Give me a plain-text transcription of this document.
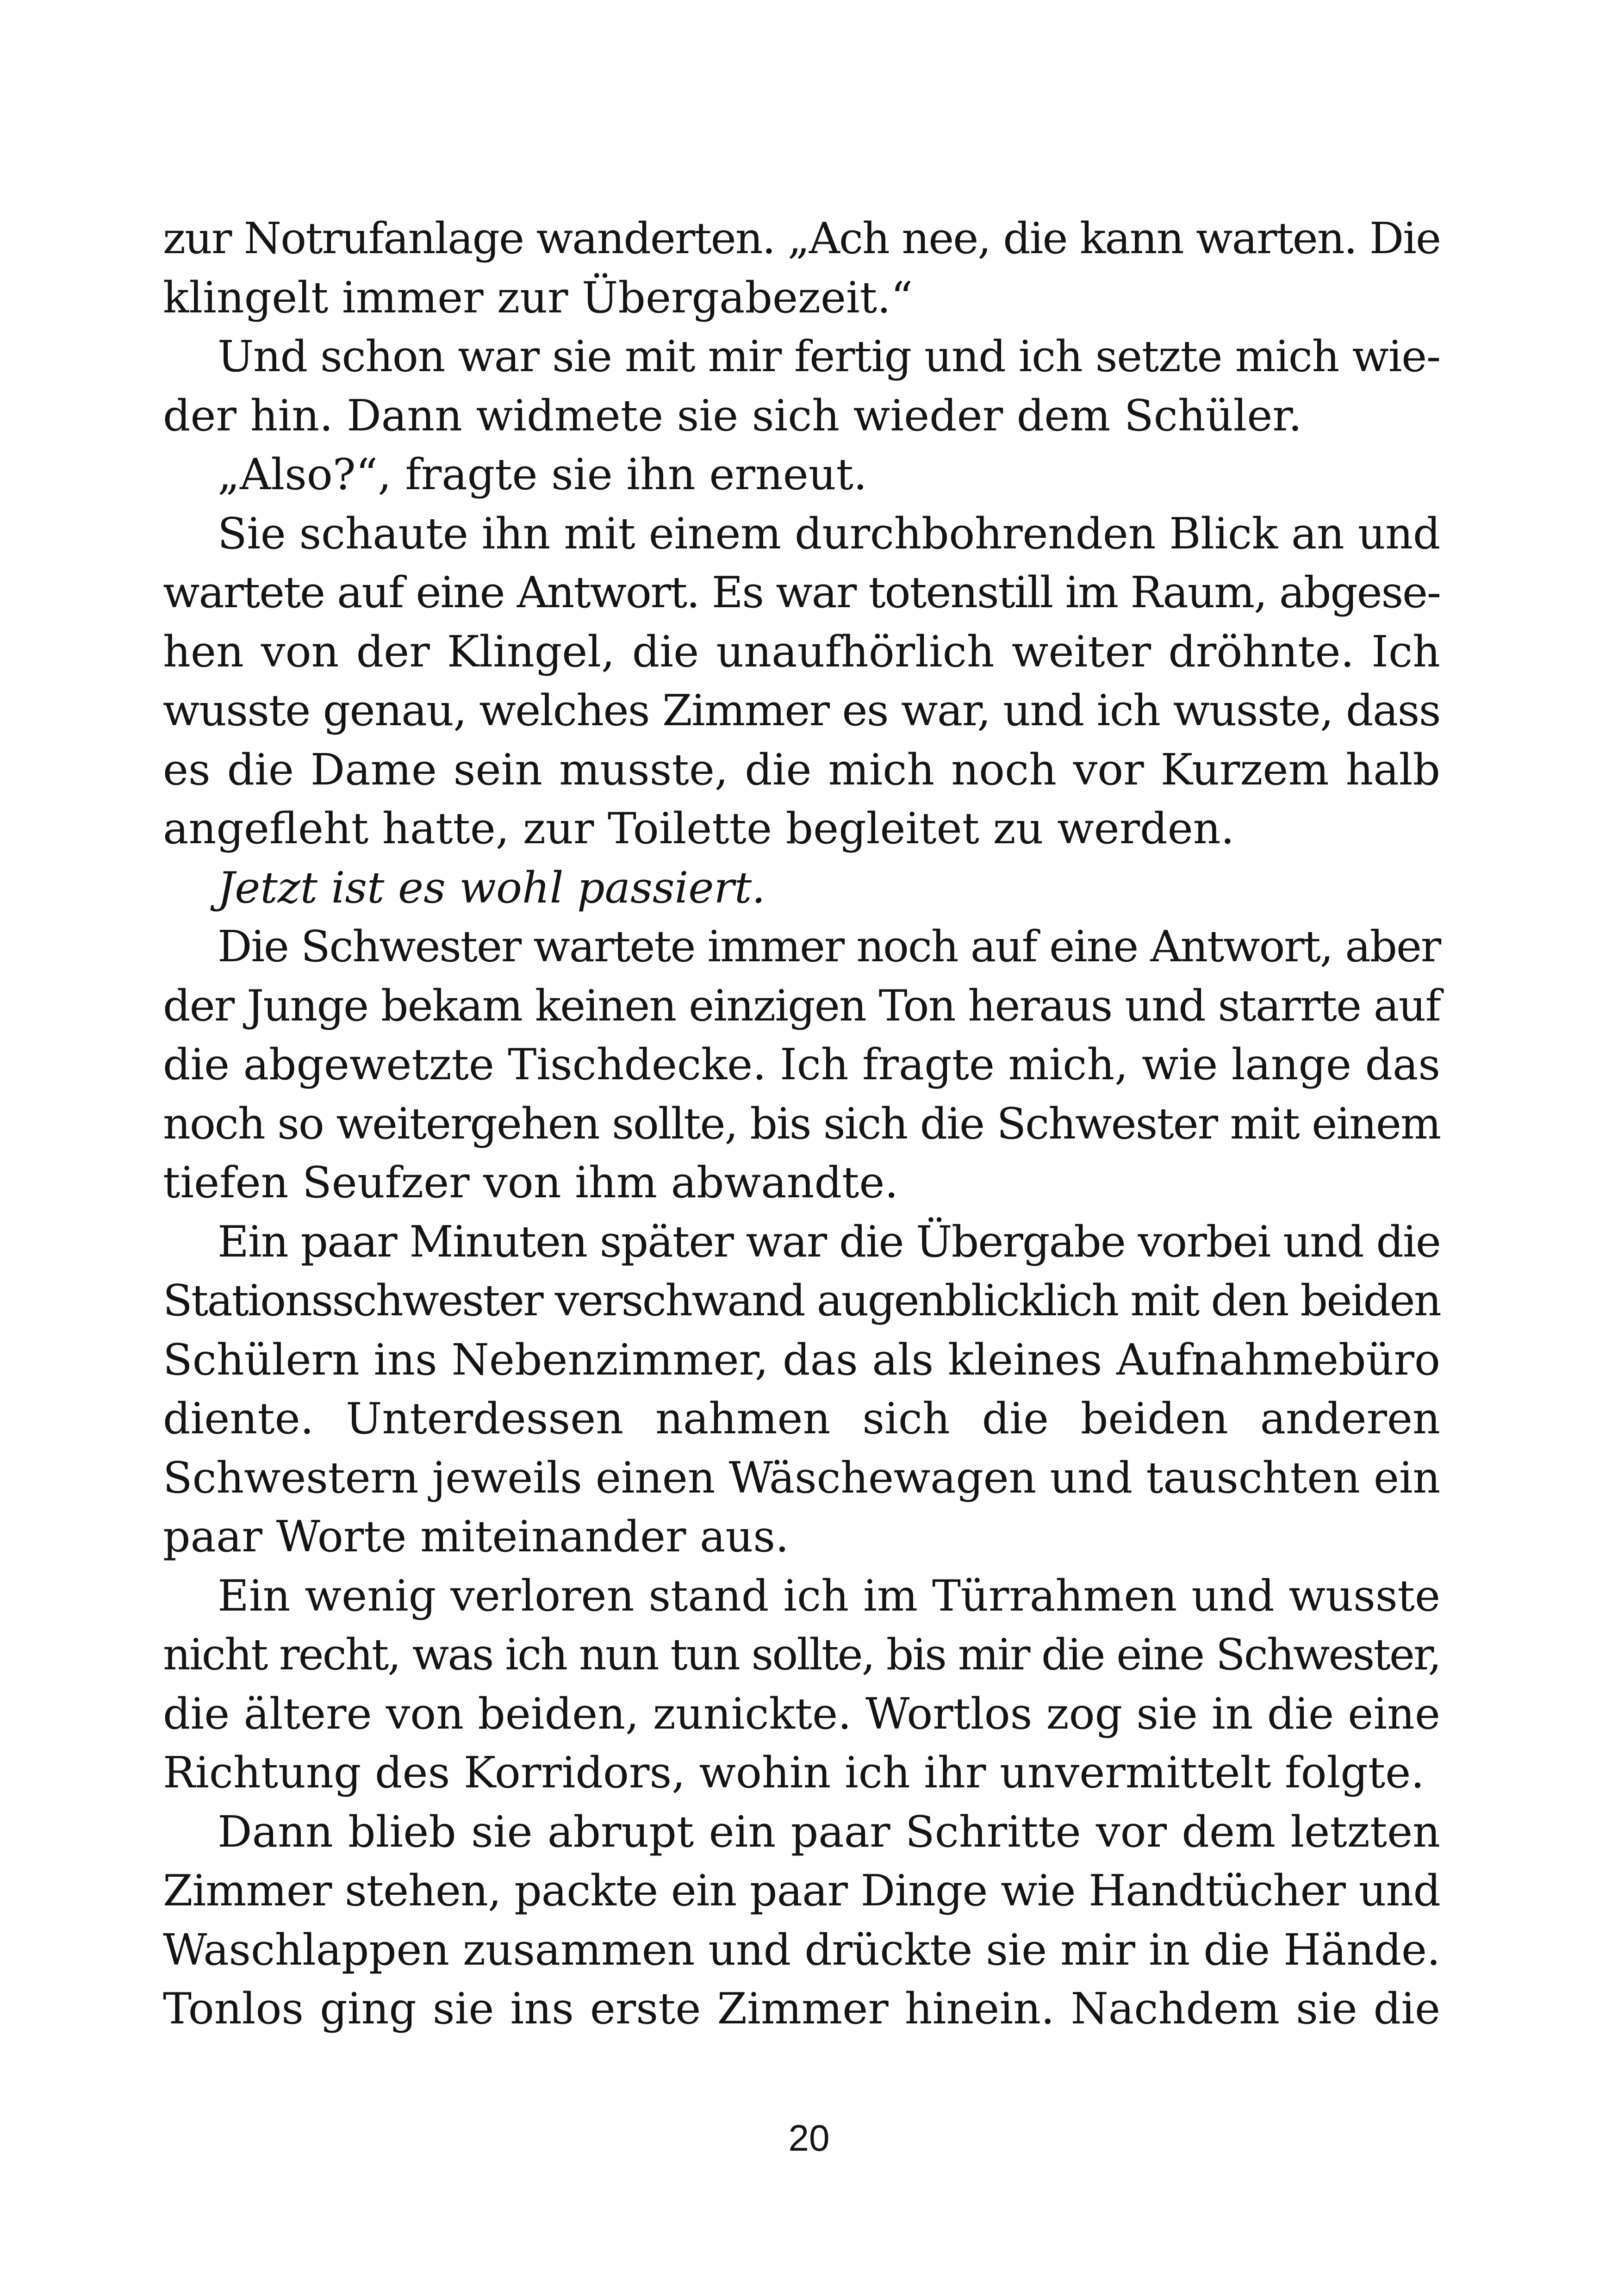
zur Notrufanlage wanderten. „Ach nee, die kann warten. Die
klingelt immer zur Übergabezeit.“
Und schon war sie mit mir fertig und ich setzte mich wie-
der hin. Dann widmete sie sich wieder dem Schüler.
„Also?“, fragte sie ihn erneut.
Sie schaute ihn mit einem durchbohrenden Blick an und
wartete auf eine Antwort. Es war totenstill im Raum, abgese-
hen von der Klingel, die unaufhörlich weiter dröhnte. Ich
wusste genau, welches Zimmer es war, und ich wusste, dass
es die Dame sein musste, die mich noch vor Kurzem halb
angefleht hatte, zur Toilette begleitet zu werden.
Jetzt ist es wohl passiert.
Die Schwester wartete immer noch auf eine Antwort, aber
der Junge bekam keinen einzigen Ton heraus und starrte auf
die abgewetzte Tischdecke. Ich fragte mich, wie lange das
noch so weitergehen sollte, bis sich die Schwester mit einem
tiefen Seufzer von ihm abwandte.
Ein paar Minuten später war die Übergabe vorbei und die
Stationsschwester verschwand augenblicklich mit den beiden
Schülern ins Nebenzimmer, das als kleines Aufnahmebüro
diente. Unterdessen nahmen sich die beiden anderen
Schwestern jeweils einen Wäschewagen und tauschten ein
paar Worte miteinander aus.
Ein wenig verloren stand ich im Türrahmen und wusste
nicht recht, was ich nun tun sollte, bis mir die eine Schwester,
die ältere von beiden, zunickte. Wortlos zog sie in die eine
Richtung des Korridors, wohin ich ihr unvermittelt folgte.
Dann blieb sie abrupt ein paar Schritte vor dem letzten
Zimmer stehen, packte ein paar Dinge wie Handtücher und
Waschlappen zusammen und drückte sie mir in die Hände.
Tonlos ging sie ins erste Zimmer hinein. Nachdem sie die
20
